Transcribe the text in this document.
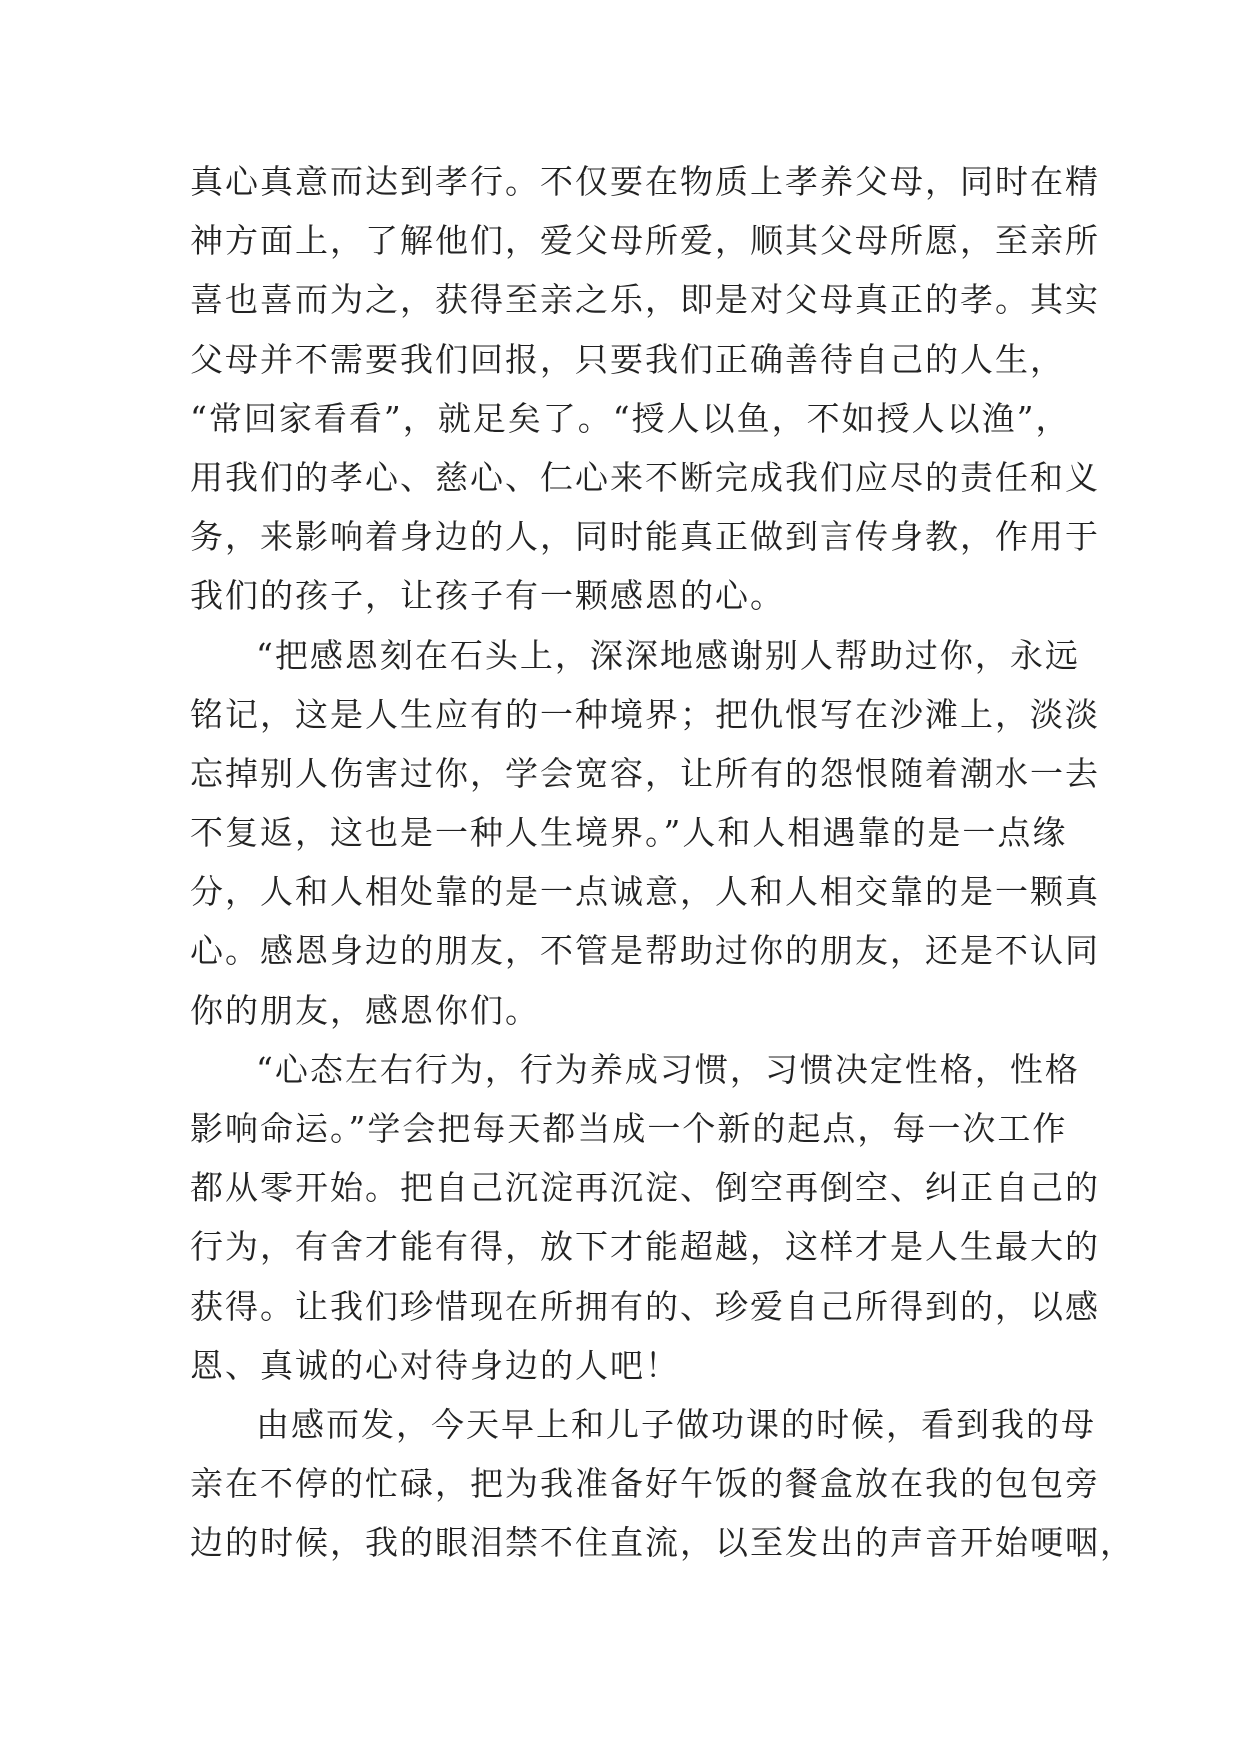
真心真意而达到孝行。不仅要在物质上孝养父母，同时在精
神方面上，了解他们，爱父母所爱，顺其父母所愿，至亲所
喜也喜而为之，获得至亲之乐，即是对父母真正的孝。其实
父母并不需要我们回报，只要我们正确善待自己的人生，
“常回家看看”，就足矣了。“授人以鱼，不如授人以渔”，
用我们的孝心、慈心、仁心来不断完成我们应尽的责任和义
务，来影响着身边的人，同时能真正做到言传身教，作用于
我们的孩子，让孩子有一颗感恩的心。
“把感恩刻在石头上，深深地感谢别人帮助过你，永远
铭记，这是人生应有的一种境界；把仇恨写在沙滩上，淡淡
忘掉别人伤害过你，学会宽容，让所有的怨恨随着潮水一去
不复返，这也是一种人生境界。”人和人相遇靠的是一点缘
分，人和人相处靠的是一点诚意，人和人相交靠的是一颗真
心。感恩身边的朋友，不管是帮助过你的朋友，还是不认同
你的朋友，感恩你们。
“心态左右行为，行为养成习惯，习惯决定性格，性格
影响命运。”学会把每天都当成一个新的起点，每一次工作
都从零开始。把自己沉淀再沉淀、倒空再倒空、纠正自己的
行为，有舍才能有得，放下才能超越，这样才是人生最大的
获得。让我们珍惜现在所拥有的、珍爱自己所得到的，以感
恩、真诚的心对待身边的人吧！
由感而发，今天早上和儿子做功课的时候，看到我的母
亲在不停的忙碌，把为我准备好午饭的餐盒放在我的包包旁
边的时候，我的眼泪禁不住直流，以至发出的声音开始哽咽，
